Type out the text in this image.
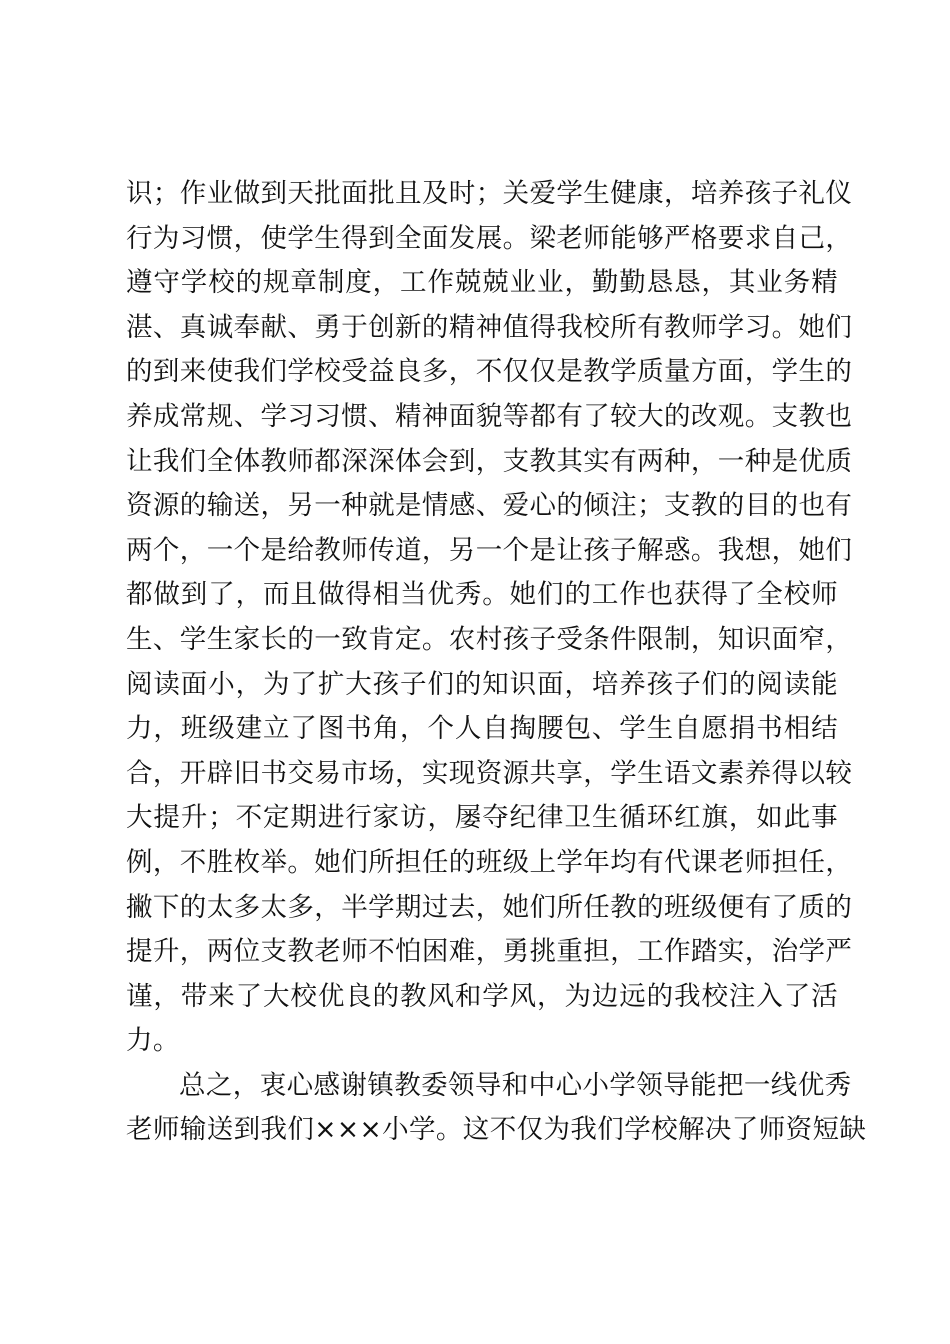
识；作业做到天批面批且及时；关爱学生健康，培养孩子礼仪
行为习惯，使学生得到全面发展。梁老师能够严格要求自己，
遵守学校的规章制度，工作兢兢业业，勤勤恳恳，其业务精
湛、真诚奉献、勇于创新的精神值得我校所有教师学习。她们
的到来使我们学校受益良多，不仅仅是教学质量方面，学生的
养成常规、学习习惯、精神面貌等都有了较大的改观。支教也
让我们全体教师都深深体会到，支教其实有两种，一种是优质
资源的输送，另一种就是情感、爱心的倾注；支教的目的也有
两个，一个是给教师传道，另一个是让孩子解惑。我想，她们
都做到了，而且做得相当优秀。她们的工作也获得了全校师
生、学生家长的一致肯定。农村孩子受条件限制，知识面窄，
阅读面小，为了扩大孩子们的知识面，培养孩子们的阅读能
力，班级建立了图书角，个人自掏腰包、学生自愿捐书相结
合，开辟旧书交易市场，实现资源共享，学生语文素养得以较
大提升；不定期进行家访，屡夺纪律卫生循环红旗，如此事
例，不胜枚举。她们所担任的班级上学年均有代课老师担任，
撇下的太多太多，半学期过去，她们所任教的班级便有了质的
提升，两位支教老师不怕困难，勇挑重担，工作踏实，治学严
谨，带来了大校优良的教风和学风，为边远的我校注入了活
力。
总之，衷心感谢镇教委领导和中心小学领导能把一线优秀
老师输送到我们×××小学。这不仅为我们学校解决了师资短缺
